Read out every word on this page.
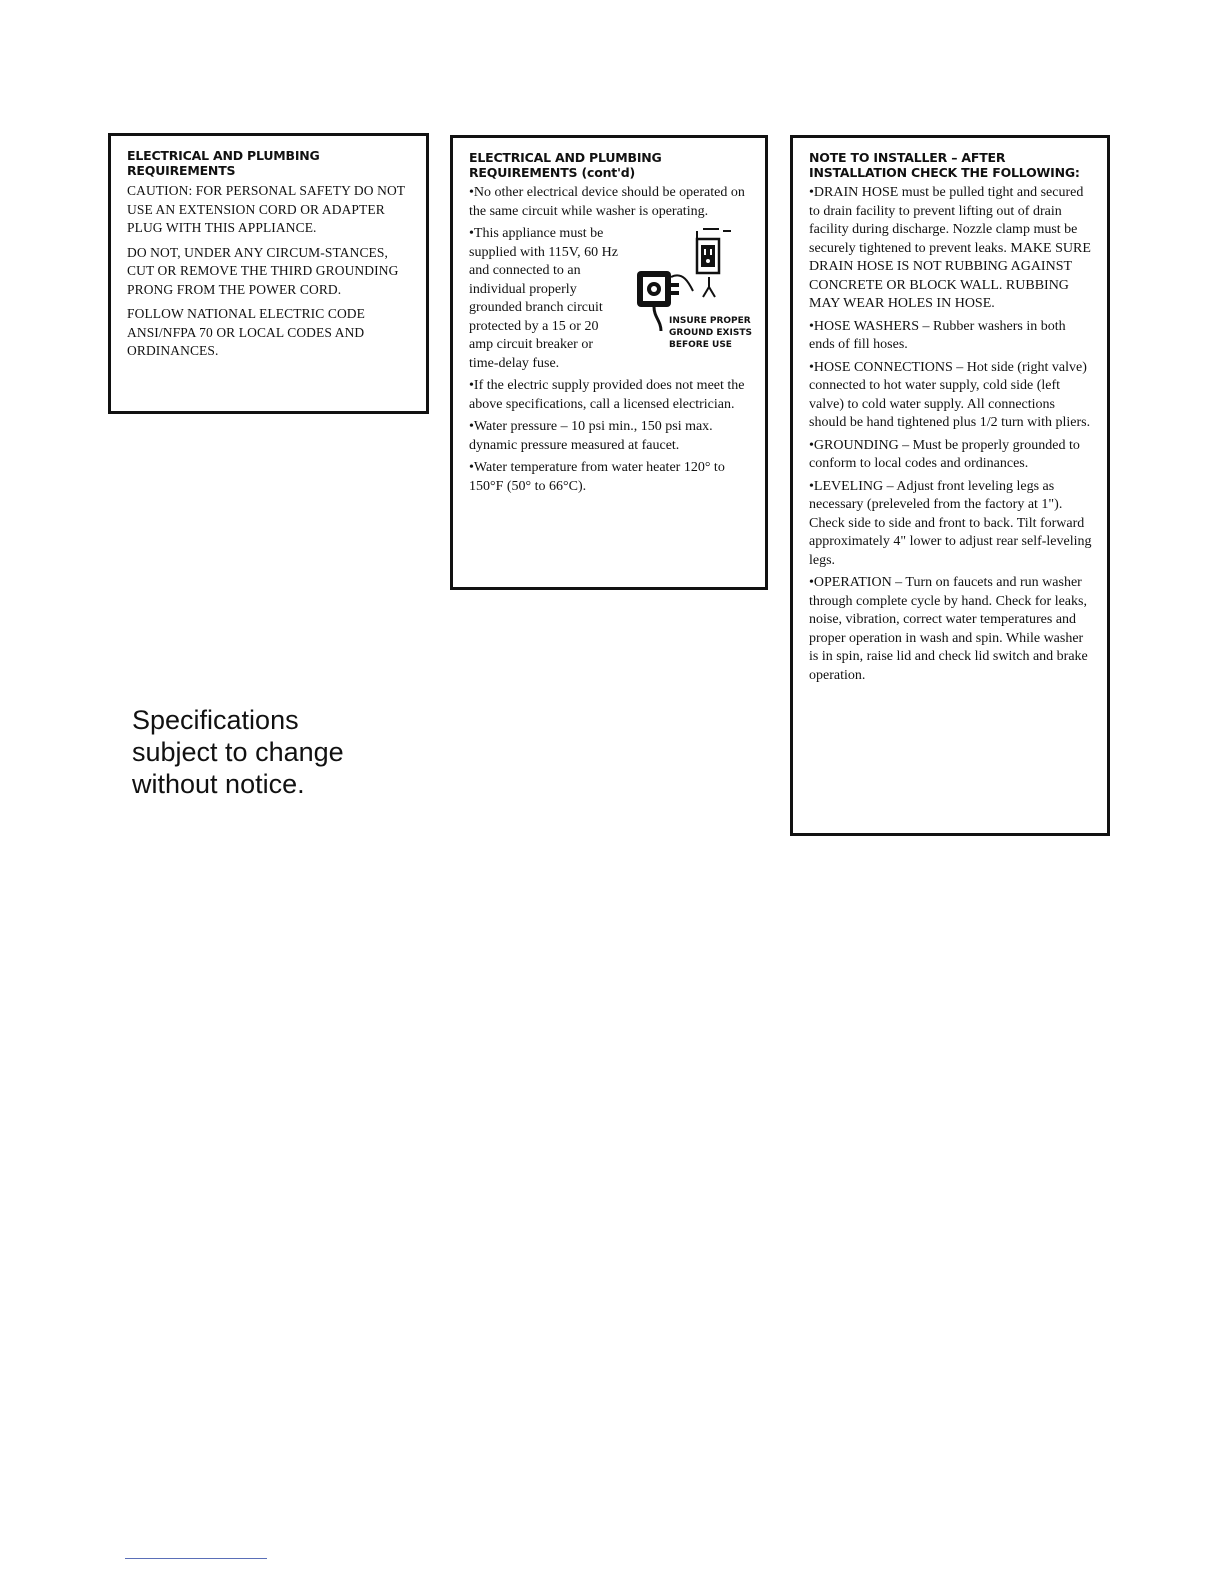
ELECTRICAL AND PLUMBING REQUIREMENTS

CAUTION: FOR PERSONAL SAFETY DO NOT USE AN EXTENSION CORD OR ADAPTER PLUG WITH THIS APPLIANCE.

DO NOT, UNDER ANY CIRCUM-STANCES, CUT OR REMOVE THE THIRD GROUNDING PRONG FROM THE POWER CORD.

FOLLOW NATIONAL ELECTRIC CODE ANSI/NFPA 70 OR LOCAL CODES AND ORDINANCES.

ELECTRICAL AND PLUMBING REQUIREMENTS (cont'd)

• No other electrical device should be operated on the same circuit while washer is operating.

INSURE PROPER
GROUND EXISTS
BEFORE USE

• This appliance must be supplied with 115V, 60 Hz and connected to an individual properly grounded branch circuit protected by a 15 or 20 amp circuit breaker or time-delay fuse.

• If the electric supply provided does not meet the above specifications, call a licensed electrician.

• Water pressure – 10 psi min., 150 psi max. dynamic pressure measured at faucet.

• Water temperature from water heater 120° to 150°F (50° to 66°C).

NOTE TO INSTALLER – AFTER INSTALLATION CHECK THE FOLLOWING:

• DRAIN HOSE must be pulled tight and secured to drain facility to prevent lifting out of drain facility during discharge. Nozzle clamp must be securely tightened to prevent leaks. MAKE SURE DRAIN HOSE IS NOT RUBBING AGAINST CONCRETE OR BLOCK WALL. RUBBING MAY WEAR HOLES IN HOSE.

• HOSE WASHERS – Rubber washers in both ends of fill hoses.

• HOSE CONNECTIONS – Hot side (right valve) connected to hot water supply, cold side (left valve) to cold water supply. All connections should be hand tightened plus 1/2 turn with pliers.

• GROUNDING – Must be properly grounded to conform to local codes and ordinances.

• LEVELING – Adjust front leveling legs as necessary (preleveled from the factory at 1"). Check side to side and front to back. Tilt forward approximately 4" lower to adjust rear self-leveling legs.

• OPERATION – Turn on faucets and run washer through complete cycle by hand. Check for leaks, noise, vibration, correct water temperatures and proper operation in wash and spin. While washer is in spin, raise lid and check lid switch and brake operation.

Specifications
subject to change
without notice.
